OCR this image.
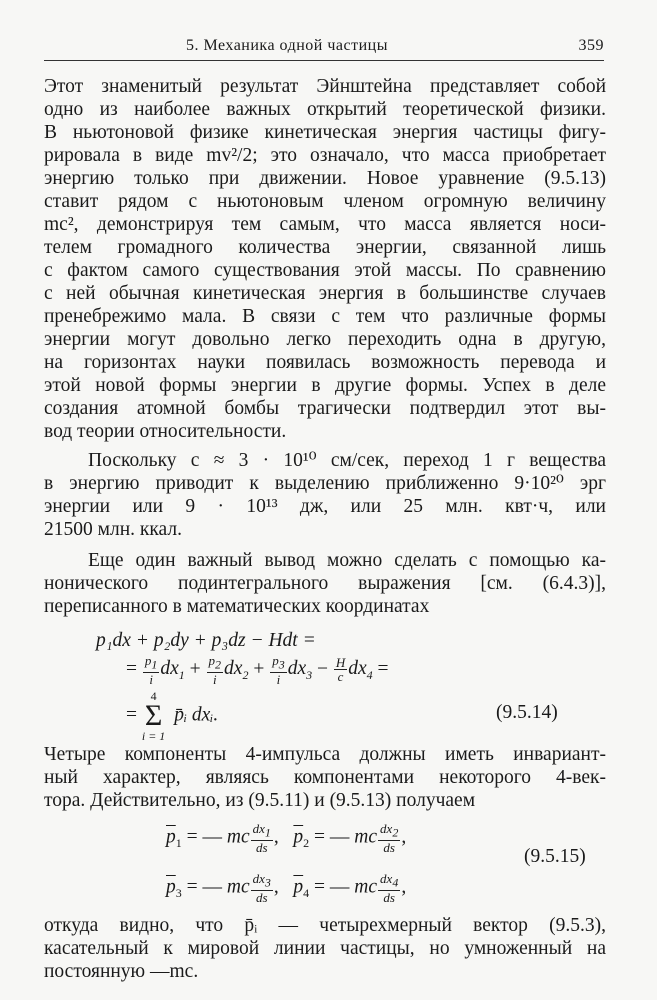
5. Механика одной частицы	359
Этот знаменитый результат Эйнштейна представляет собой
одно из наиболее важных открытий теоретической физики.
В ньютоновой физике кинетическая энергия частицы фигу-
рировала в виде mv²/2; это означало, что масса приобретает
энергию только при движении. Новое уравнение (9.5.13)
ставит рядом с ньютоновым членом огромную величину
mc², демонстрируя тем самым, что масса является носи-
телем громадного количества энергии, связанной лишь
с фактом самого существования этой массы. По сравнению
с ней обычная кинетическая энергия в большинстве случаев
пренебрежимо мала. В связи с тем что различные формы
энергии могут довольно легко переходить одна в другую,
на горизонтах науки появилась возможность перевода и
этой новой формы энергии в другие формы. Успех в деле
создания атомной бомбы трагически подтвердил этот вы-
вод теории относительности.
Поскольку c ≈ 3 · 10¹⁰ см/сек, переход 1 г вещества
в энергию приводит к выделению приближенно 9·10²⁰ эрг
энергии или 9 · 10¹³ дж, или 25 млн. квт·ч, или
21500 млн. ккал.
Еще один важный вывод можно сделать с помощью ка-
нонического подинтегрального выражения [см. (6.4.3)],
переписанного в математических координатах
p₁dx + p₂dy + p₃dz − Hdt =
= $\frac{p_1}{i} dx_1 + \frac{p_2}{i} dx_2 + \frac{p_3}{i} dx_3 - \frac{H}{c} dx_4$ =
= 4
Σ
i = 1 p̄ᵢ dxᵢ.	(9.5.14)
Четыре компоненты 4-импульса должны иметь инвариант-
ный характер, являясь компонентами некоторого 4-век-
тора. Действительно, из (9.5.11) и (9.5.13) получаем
$\overline{p}_1$ = — mc $\frac{dx_1}{ds}$ ,   $\overline{p}_2$ = — mc $\frac{dx_2}{ds}$ ,
(9.5.15)
$\overline{p}_3$ = — mc $\frac{dx_3}{ds}$ ,   $\overline{p}_4$ = — mc $\frac{dx_4}{ds}$ ,
откуда видно, что p̄ᵢ — четырехмерный вектор (9.5.3),
касательный к мировой линии частицы, но умноженный на
постоянную —mc.
